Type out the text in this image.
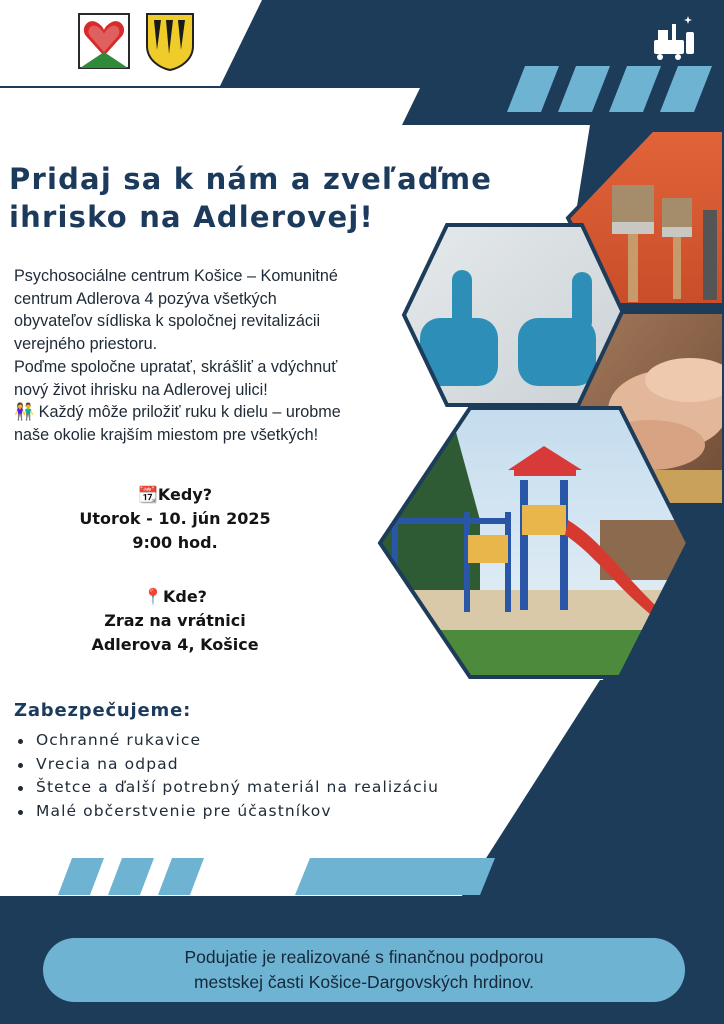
Pridaj sa k nám a zveľaďme
ihrisko na Adlerovej!
Psychosociálne centrum Košice – Komunitné
centrum Adlerova 4 pozýva všetkých
obyvateľov sídliska k spoločnej revitalizácii
verejného priestoru.
Poďme spoločne upratať, skrášliť a vdýchnuť
nový život ihrisku na Adlerovej ulici!
👫 Každý môže priložiť ruku k dielu – urobme
naše okolie krajším miestom pre všetkých!
📆Kedy?
Utorok - 10. jún 2025
9:00 hod.
📍Kde?
Zraz na vrátnici
Adlerova 4, Košice
Zabezpečujeme:
Ochranné rukavice
Vrecia na odpad
Štetce a ďalší potrebný materiál na realizáciu
Malé občerstvenie pre účastníkov
Podujatie je realizované s finančnou podporou
mestskej časti Košice-Dargovských hrdinov.
